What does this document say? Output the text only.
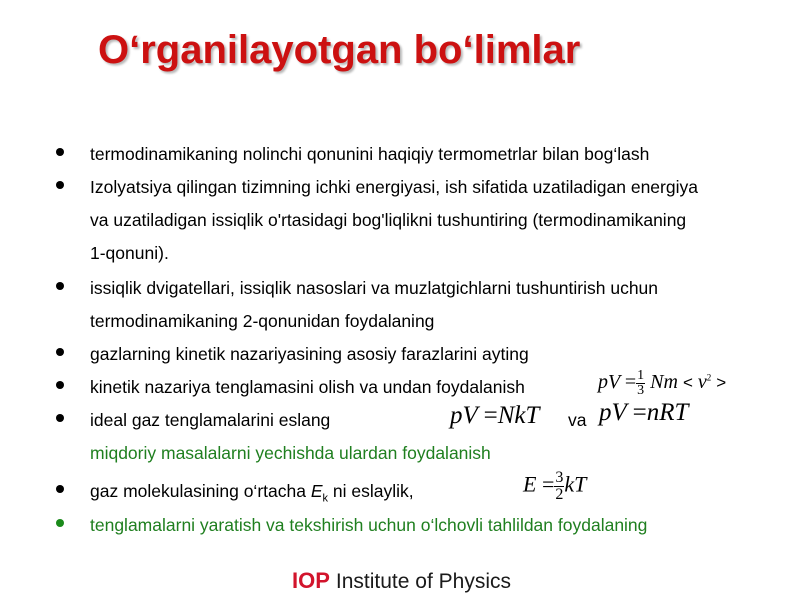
O‘rganilayotgan bo‘limlar
termodinamikaning nolinchi qonunini haqiqiy termometrlar bilan bog‘lash
Izolyatsiya qilingan tizimning ichki energiyasi, ish sifatida uzatiladigan energiya
va uzatiladigan issiqlik o'rtasidagi bog'liqlikni tushuntiring (termodinamikaning
1-qonuni).
issiqlik dvigatellari, issiqlik nasoslari va muzlatgichlarni tushuntirish uchun
termodinamikaning 2-qonunidan foydalaning
gazlarning kinetik nazariyasining asosiy farazlarini ayting
kinetik nazariya tenglamasini olish va undan foydalanish
ideal gaz tenglamalarini eslang	va
miqdoriy masalalarni yechishda ulardan foydalanish
gaz molekulasining o‘rtacha $E_k$ ni eslaylik,
tenglamalarni yaratish va tekshirish uchun o‘lchovli tahlildan foydalaning
pV = $\frac{1}{3}$ $Nm < v^2$ >
pV =NkT pV =nRT
$E = \frac{3}{2}$ kT
IOP Institute of Physics
